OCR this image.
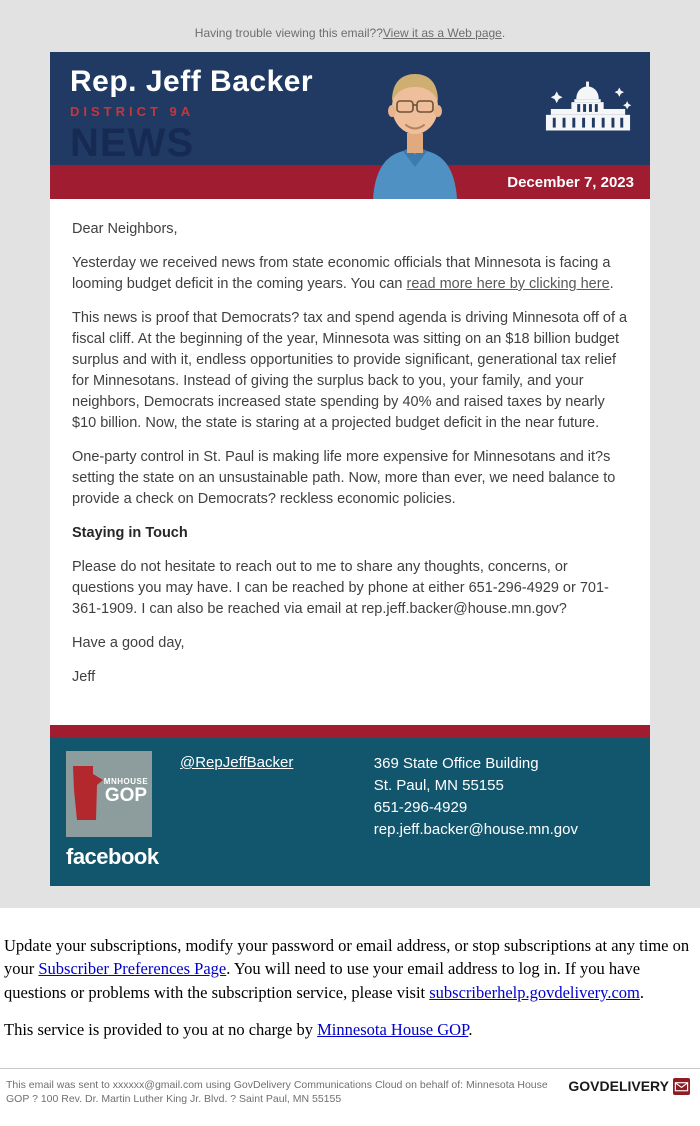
Having trouble viewing this email??View it as a Web page.
Rep. Jeff Backer
DISTRICT 9A
NEWS
December 7, 2023

Dear Neighbors,

Yesterday we received news from state economic officials that Minnesota is facing a looming budget deficit in the coming years. You can read more here by clicking here.

This news is proof that Democrats? tax and spend agenda is driving Minnesota off of a fiscal cliff. At the beginning of the year, Minnesota was sitting on an $18 billion budget surplus and with it, endless opportunities to provide significant, generational tax relief for Minnesotans. Instead of giving the surplus back to you, your family, and your neighbors, Democrats increased state spending by 40% and raised taxes by nearly $10 billion. Now, the state is staring at a projected budget deficit in the near future.

One-party control in St. Paul is making life more expensive for Minnesotans and it?s setting the state on an unsustainable path. Now, more than ever, we need balance to provide a check on Democrats? reckless economic policies.

Staying in Touch

Please do not hesitate to reach out to me to share any thoughts, concerns, or questions you may have. I can be reached by phone at either 651-296-4929 or 701-361-1909. I can also be reached via email at rep.jeff.backer@house.mn.gov?

Have a good day,

Jeff

MNHOUSE
GOP
facebook
@RepJeffBacker	369 State Office Building
St. Paul, MN 55155
651-296-4929
rep.jeff.backer@house.mn.gov

Update your subscriptions, modify your password or email address, or stop subscriptions at any time on your Subscriber Preferences Page. You will need to use your email address to log in. If you have questions or problems with the subscription service, please visit subscriberhelp.govdelivery.com.

This service is provided to you at no charge by Minnesota House GOP.

This email was sent to xxxxxx@gmail.com using GovDelivery Communications Cloud on behalf of: Minnesota House GOP ? 100 Rev. Dr. Martin Luther King Jr. Blvd. ? Saint Paul, MN 55155
GOVDELIVERY
